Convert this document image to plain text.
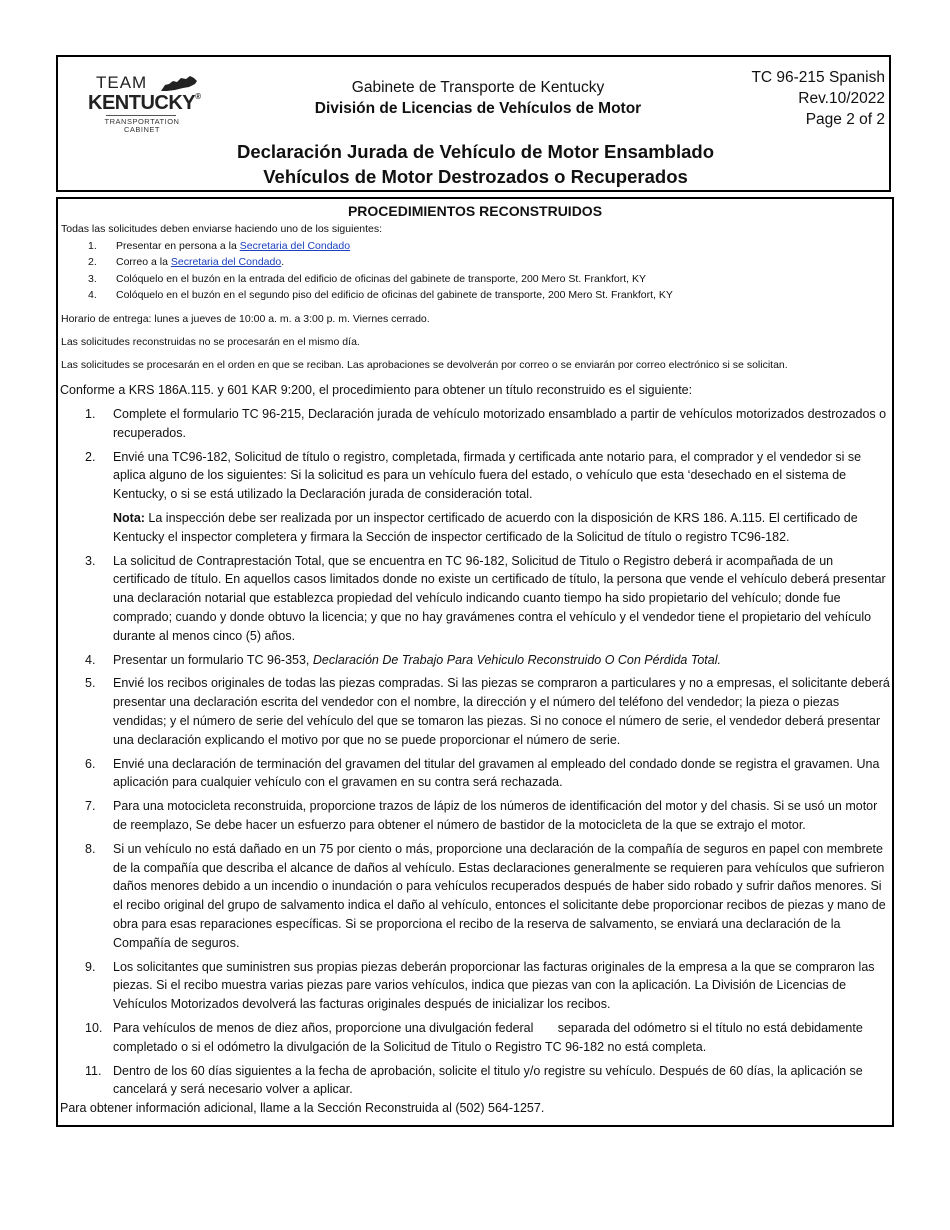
TEAM
KENTUCKY®
TRANSPORTATION CABINET
Gabinete de Transporte de Kentucky
División de Licencias de Vehículos de Motor
TC 96-215 Spanish
Rev.10/2022
Page 2 of 2
Declaración Jurada de Vehículo de Motor Ensamblado
Vehículos de Motor Destrozados o Recuperados
PROCEDIMIENTOS RECONSTRUIDOS
Todas las solicitudes deben enviarse haciendo uno de los siguientes:
1. Presentar en persona a la Secretaria del Condado
2. Correo a la Secretaria del Condado.
3. Colóquelo en el buzón en la entrada del edificio de oficinas del gabinete de transporte, 200 Mero St. Frankfort, KY
4. Colóquelo en el buzón en el segundo piso del edificio de oficinas del gabinete de transporte, 200 Mero St. Frankfort, KY
Horario de entrega: lunes a jueves de 10:00 a. m. a 3:00 p. m. Viernes cerrado.
Las solicitudes reconstruidas no se procesarán en el mismo día.
Las solicitudes se procesarán en el orden en que se reciban. Las aprobaciones se devolverán por correo o se enviarán por correo electrónico si se solicitan.
Conforme a KRS 186A.115. y 601 KAR 9:200, el procedimiento para obtener un título reconstruido es el siguiente:
1. Complete el formulario TC 96-215, Declaración jurada de vehículo motorizado ensamblado a partir de vehículos motorizados destrozados o recuperados.
2. Envié una TC96-182, Solicitud de título o registro, completada, firmada y certificada ante notario para, el comprador y el vendedor si se aplica alguno de los siguientes: Si la solicitud es para un vehículo fuera del estado, o vehículo que esta ‘desechado en el sistema de Kentucky, o si se está utilizado la Declaración jurada de consideración total.
Nota: La inspección debe ser realizada por un inspector certificado de acuerdo con la disposición de KRS 186. A.115. El certificado de Kentucky el inspector completera y firmara la Sección de inspector certificado de la Solicitud de título o registro TC96-182.
3. La solicitud de Contraprestación Total, que se encuentra en TC 96-182, Solicitud de Titulo o Registro deberá ir acompañada de un certificado de título. En aquellos casos limitados donde no existe un certificado de título, la persona que vende el vehículo deberá presentar una declaración notarial que establezca propiedad del vehículo indicando cuanto tiempo ha sido propietario del vehículo; donde fue comprado; cuando y donde obtuvo la licencia; y que no hay gravámenes contra el vehículo y el vendedor tiene el propietario del vehículo durante al menos cinco (5) años.
4. Presentar un formulario TC 96-353, Declaración De Trabajo Para Vehiculo Reconstruido O Con Pérdida Total.
5. Envié los recibos originales de todas las piezas compradas. Si las piezas se compraron a particulares y no a empresas, el solicitante deberá presentar una declaración escrita del vendedor con el nombre, la dirección y el número del teléfono del vendedor; la pieza o piezas vendidas; y el número de serie del vehículo del que se tomaron las piezas. Si no conoce el número de serie, el vendedor deberá presentar una declaración explicando el motivo por que no se puede proporcionar el número de serie.
6. Envié una declaración de terminación del gravamen del titular del gravamen al empleado del condado donde se registra el gravamen. Una aplicación para cualquier vehículo con el gravamen en su contra será rechazada.
7. Para una motocicleta reconstruida, proporcione trazos de lápiz de los números de identificación del motor y del chasis. Si se usó un motor de reemplazo, Se debe hacer un esfuerzo para obtener el número de bastidor de la motocicleta de la que se extrajo el motor.
8. Si un vehículo no está dañado en un 75 por ciento o más, proporcione una declaración de la compañía de seguros en papel con membrete de la compañía que describa el alcance de daños al vehículo. Estas declaraciones generalmente se requieren para vehículos que sufrieron daños menores debido a un incendio o inundación o para vehículos recuperados después de haber sido robado y sufrir daños menores. Si el recibo original del grupo de salvamento indica el daño al vehículo, entonces el solicitante debe proporcionar recibos de piezas y mano de obra para esas reparaciones específicas. Si se proporciona el recibo de la reserva de salvamento, se enviará una declaración de la Compañía de seguros.
9. Los solicitantes que suministren sus propias piezas deberán proporcionar las facturas originales de la empresa a la que se compraron las piezas. Si el recibo muestra varias piezas pare varios vehículos, indica que piezas van con la aplicación. La División de Licencias de Vehículos Motorizados devolverá las facturas originales después de inicializar los recibos.
10. Para vehículos de menos de diez años, proporcione una divulgación federal       separada del odómetro si el título no está debidamente completado o si el odómetro la divulgación de la Solicitud de Titulo o Registro TC 96-182 no está completa.
11. Dentro de los 60 días siguientes a la fecha de aprobación, solicite el titulo y/o registre su vehículo. Después de 60 días, la aplicación se cancelará y será necesario volver a aplicar.
Para obtener información adicional, llame a la Sección Reconstruida al (502) 564-1257.
